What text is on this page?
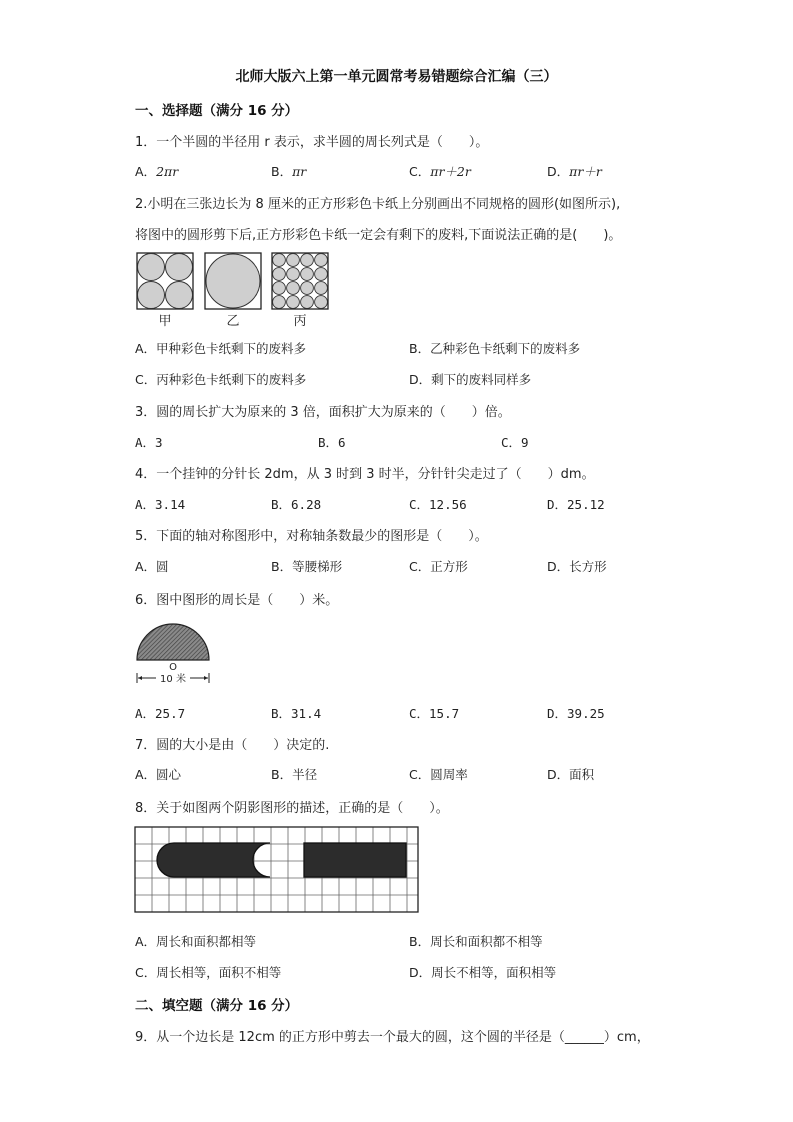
北师大版六上第一单元圆常考易错题综合汇编（三）
一、选择题（满分 16 分）
1．一个半圆的半径用 r 表示，求半圆的周长列式是（　　）。
A．2πr	B．πr	C．πr＋2r	D．πr＋r
2.小明在三张边长为 8 厘米的正方形彩色卡纸上分别画出不同规格的圆形(如图所示),
将图中的圆形剪下后,正方形彩色卡纸一定会有剩下的废料,下面说法正确的是(　　)。
甲	乙	丙
A．甲种彩色卡纸剩下的废料多	B．乙种彩色卡纸剩下的废料多
C．丙种彩色卡纸剩下的废料多	D．剩下的废料同样多
3．圆的周长扩大为原来的 3 倍，面积扩大为原来的（　　）倍。
A．3	B．6	C．9
4．一个挂钟的分针长 2dm，从 3 时到 3 时半，分针针尖走过了（　　）dm。
A．3.14	B．6.28	C．12.56	D．25.12
5．下面的轴对称图形中，对称轴条数最少的图形是（　　）。
A．圆	B．等腰梯形	C．正方形	D．长方形
6．图中图形的周长是（　　）米。
O
10 米
A．25.7	B．31.4	C．15.7	D．39.25
7．圆的大小是由（　　）决定的.
A．圆心	B．半径	C．圆周率	D．面积
8．关于如图两个阴影图形的描述，正确的是（　　）。
A．周长和面积都相等	B．周长和面积都不相等
C．周长相等，面积不相等	D．周长不相等，面积相等
二、填空题（满分 16 分）
9．从一个边长是 12cm 的正方形中剪去一个最大的圆，这个圆的半径是（______）cm，
